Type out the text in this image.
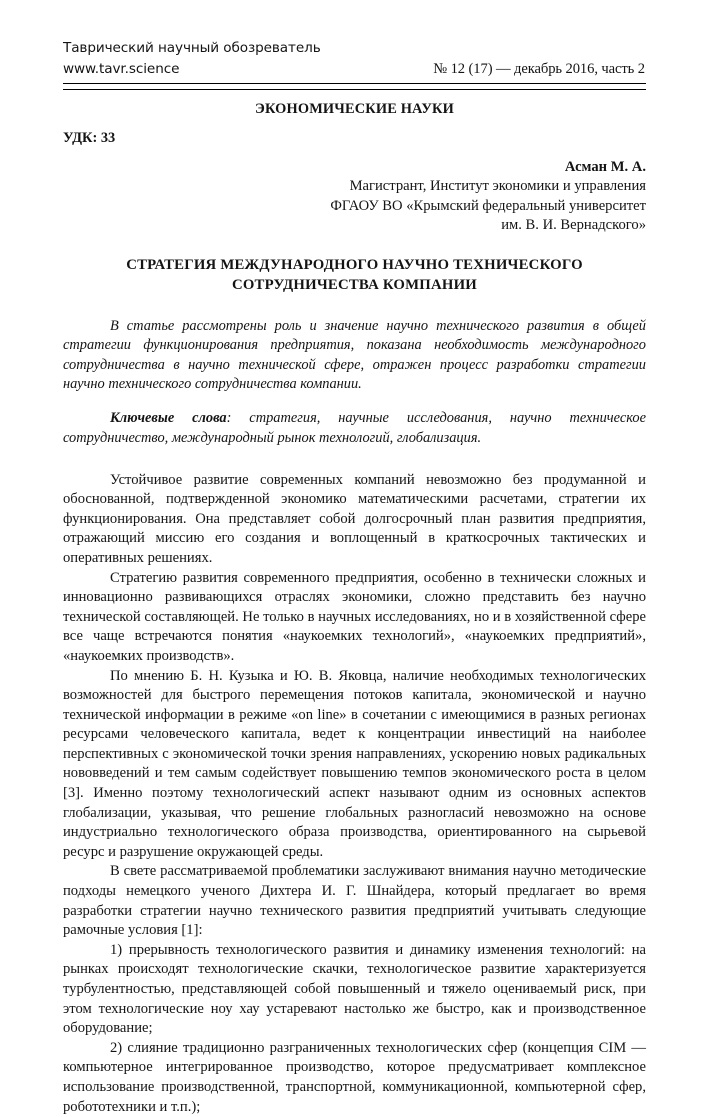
Таврический научный обозреватель
www.tavr.science	№ 12 (17) — декабрь 2016, часть 2
ЭКОНОМИЧЕСКИЕ НАУКИ
УДК: 33
Асман М. А.
Магистрант, Институт экономики и управления
ФГАОУ ВО «Крымский федеральный университет
им. В. И. Вернадского»
СТРАТЕГИЯ МЕЖДУНАРОДНОГО НАУЧНО ТЕХНИЧЕСКОГО
СОТРУДНИЧЕСТВА КОМПАНИИ

В статье рассмотрены роль и значение научно технического развития в общей стратегии функционирования предприятия, показана необходимость международного сотрудничества в научно технической сфере, отражен процесс разработки стратегии научно технического сотрудничества компании.

Ключевые слова: стратегия, научные исследования, научно техническое сотрудничество, международный рынок технологий, глобализация.

Устойчивое развитие современных компаний невозможно без продуманной и обоснованной, подтвержденной экономико математическими расчетами, стратегии их функционирования. Она представляет собой долгосрочный план развития предприятия, отражающий миссию его создания и воплощенный в краткосрочных тактических и оперативных решениях.

Стратегию развития современного предприятия, особенно в технически сложных и инновационно развивающихся отраслях экономики, сложно представить без научно технической составляющей. Не только в научных исследованиях, но и в хозяйственной сфере все чаще встречаются понятия «наукоемких технологий», «наукоемких предприятий», «наукоемких производств».

По мнению Б. Н. Кузыка и Ю. В. Яковца, наличие необходимых технологических возможностей для быстрого перемещения потоков капитала, экономической и научно технической информации в режиме «on line» в сочетании с имеющимися в разных регионах ресурсами человеческого капитала, ведет к концентрации инвестиций на наиболее перспективных с экономической точки зрения направлениях, ускорению новых радикальных нововведений и тем самым содействует повышению темпов экономического роста в целом [3]. Именно поэтому технологический аспект называют одним из основных аспектов глобализации, указывая, что решение глобальных разногласий невозможно на основе индустриально технологического образа производства, ориентированного на сырьевой ресурс и разрушение окружающей среды.

В свете рассматриваемой проблематики заслуживают внимания научно методические подходы немецкого ученого Дихтера И. Г. Шнайдера, который предлагает во время разработки стратегии научно технического развития предприятий учитывать следующие рамочные условия [1]:

1) прерывность технологического развития и динамику изменения технологий: на рынках происходят технологические скачки, технологическое развитие характеризуется турбулентностью, представляющей собой повышенный и тяжело оцениваемый риск, при этом технологические ноу хау устаревают настолько же быстро, как и производственное оборудование;

2) слияние традиционно разграниченных технологических сфер (концепция CIM — компьютерное интегрированное производство, которое предусматривает комплексное использование производственной, транспортной, коммуникационной, компьютерной сфер, робототехники и т.п.);
